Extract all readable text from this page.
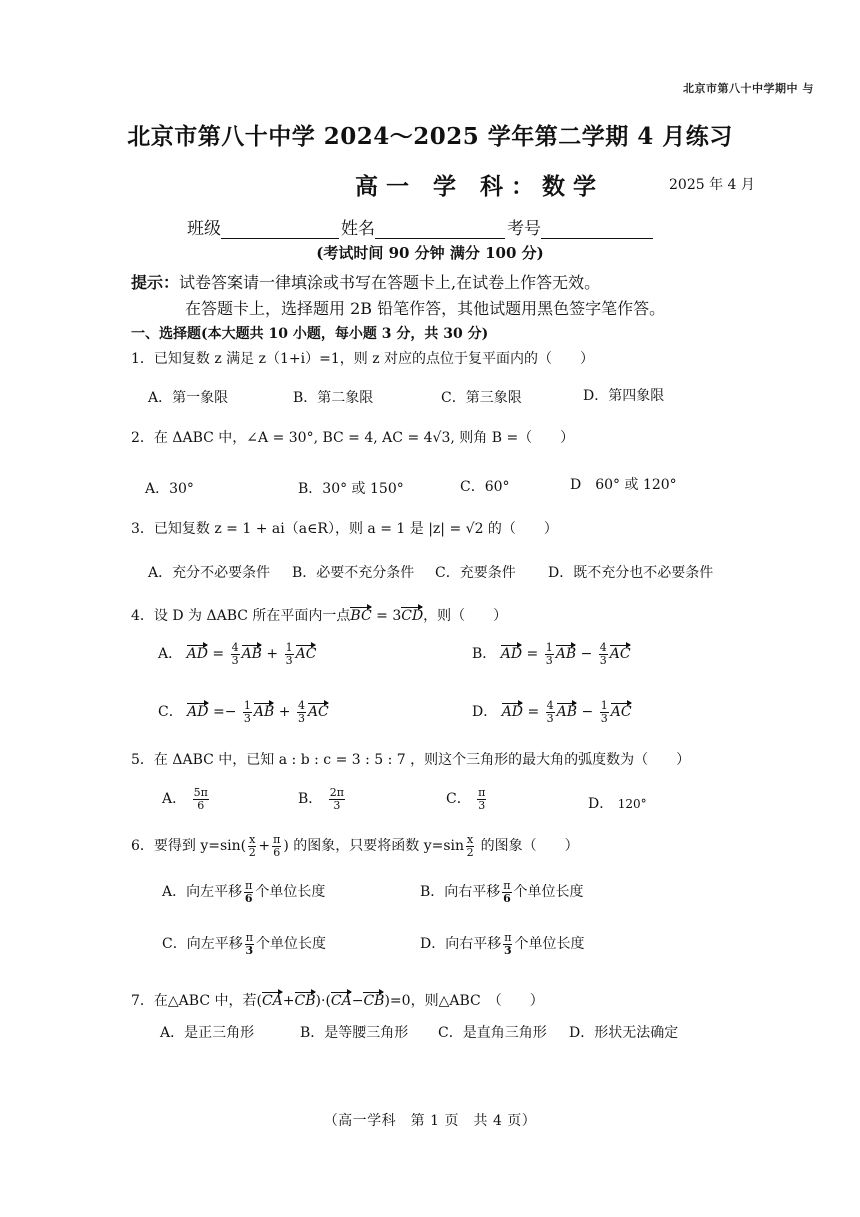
北京市第八十中学期中 与
北京市第八十中学 2024～2025 学年第二学期 4 月练习
高一 学 科：数学	2025 年 4 月
班级	姓名	考号
(考试时间 90 分钟 满分 100 分)
提示：试卷答案请一律填涂或书写在答题卡上,在试卷上作答无效。
在答题卡上，选择题用 2B 铅笔作答，其他试题用黑色签字笔作答。
一、选择题(本大题共 10 小题，每小题 3 分，共 30 分)
1．已知复数 z 满足 z（1+i）=1，则 z 对应的点位于复平面内的（　　）
A．第一象限	B．第二象限	C．第三象限	D．第四象限
2．在 ΔABC 中，∠A = 30°, BC = 4, AC = 4√3, 则角 B =（　　）
A．30°	B．30° 或 150°	C．60°	D　60° 或 120°
3．已知复数 z = 1 + ai（a∈R），则 a = 1 是 |z| = √2 的（　　）
A．充分不必要条件 B．必要不充分条件 C．充要条件 D．既不充分也不必要条件
4．设 D 为 ΔABC 所在平面内一点BC = 3CD，则（　　）
A． AD = $\frac{4}{3}$ AB + $\frac{1}{3}$ AC	B． AD = $\frac{1}{3}$ AB − $\frac{4}{3}$ AC
C． AD =− $\frac{1}{3}$ AB + $\frac{4}{3}$ AC	D． AD = $\frac{4}{3}$ AB − $\frac{1}{3}$ AC
5．在 ΔABC 中，已知 a : b : c = 3 : 5 : 7 ，则这个三角形的最大角的弧度数为（　　）
A． $\frac{5\pi}{6}$	B． $\frac{2\pi}{3}$	C． $\frac{\pi}{3}$	D． 120°
6．要得到 $y=\sin( \frac{x}{2} + \frac{\pi}{6}$ ) 的图象，只要将函数 $y=\sin \frac{x}{2}$ 的图象（　　）
A．向左平移 $\frac{\pi}{6}$ 个单位长度	B．向右平移 $\frac{\pi}{6}$ 个单位长度
C．向左平移 $\frac{\pi}{3}$ 个单位长度	D．向右平移 $\frac{\pi}{3}$ 个单位长度
7．在△ABC 中，若(CA+CB)·(CA−CB)=0，则△ABC　（　　）
A．是正三角形	B．是等腰三角形 C．是直角三角形 D．形状无法确定
（高一学科　第 1 页　共 4 页）
